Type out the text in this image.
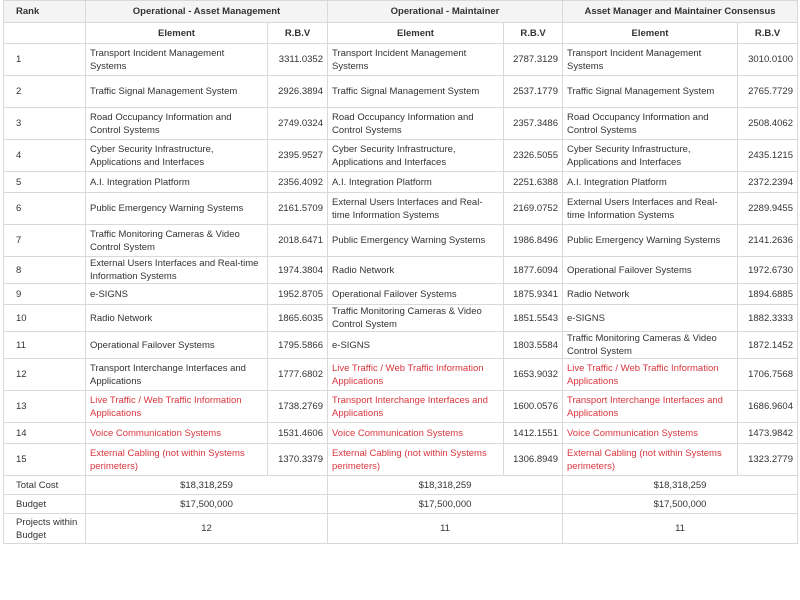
Rank	Operational - Asset Management		Operational - Maintainer		Asset Manager and Maintainer Consensus	
	Element	R.B.V	Element	R.B.V	Element	R.B.V
1	Transport Incident Management Systems	3311.0352	Transport Incident Management Systems	2787.3129	Transport Incident Management Systems	3010.0100
2	Traffic Signal Management System	2926.3894	Traffic Signal Management System	2537.1779	Traffic Signal Management System	2765.7729
3	Road Occupancy Information and Control Systems	2749.0324	Road Occupancy Information and Control Systems	2357.3486	Road Occupancy Information and Control Systems	2508.4062
4	Cyber Security Infrastructure, Applications and Interfaces	2395.9527	Cyber Security Infrastructure, Applications and Interfaces	2326.5055	Cyber Security Infrastructure, Applications and Interfaces	2435.1215
5	A.I. Integration Platform	2356.4092	A.I. Integration Platform	2251.6388	A.I. Integration Platform	2372.2394
6	Public Emergency Warning Systems	2161.5709	External Users Interfaces and Real-time Information Systems	2169.0752	External Users Interfaces and Real-time Information Systems	2289.9455
7	Traffic Monitoring Cameras & Video Control System	2018.6471	Public Emergency Warning Systems	1986.8496	Public Emergency Warning Systems	2141.2636
8	External Users Interfaces and Real-time Information Systems	1974.3804	Radio Network	1877.6094	Operational Failover Systems	1972.6730
9	e-SIGNS	1952.8705	Operational Failover Systems	1875.9341	Radio Network	1894.6885
10	Radio Network	1865.6035	Traffic Monitoring Cameras & Video Control System	1851.5543	e-SIGNS	1882.3333
11	Operational Failover Systems	1795.5866	e-SIGNS	1803.5584	Traffic Monitoring Cameras & Video Control System	1872.1452
12	Transport Interchange Interfaces and Applications	1777.6802	Live Traffic / Web Traffic Information Applications	1653.9032	Live Traffic / Web Traffic Information Applications	1706.7568
13	Live Traffic / Web Traffic Information Applications	1738.2769	Transport Interchange Interfaces and Applications	1600.0576	Transport Interchange Interfaces and Applications	1686.9604
14	Voice Communication Systems	1531.4606	Voice Communication Systems	1412.1551	Voice Communication Systems	1473.9842
15	External Cabling (not within Systems perimeters)	1370.3379	External Cabling (not within Systems perimeters)	1306.8949	External Cabling (not within Systems perimeters)	1323.2779
Total Cost	$18,318,259		$18,318,259		$18,318,259	
Budget	$17,500,000		$17,500,000		$17,500,000	
Projects within Budget	12		11		11	
